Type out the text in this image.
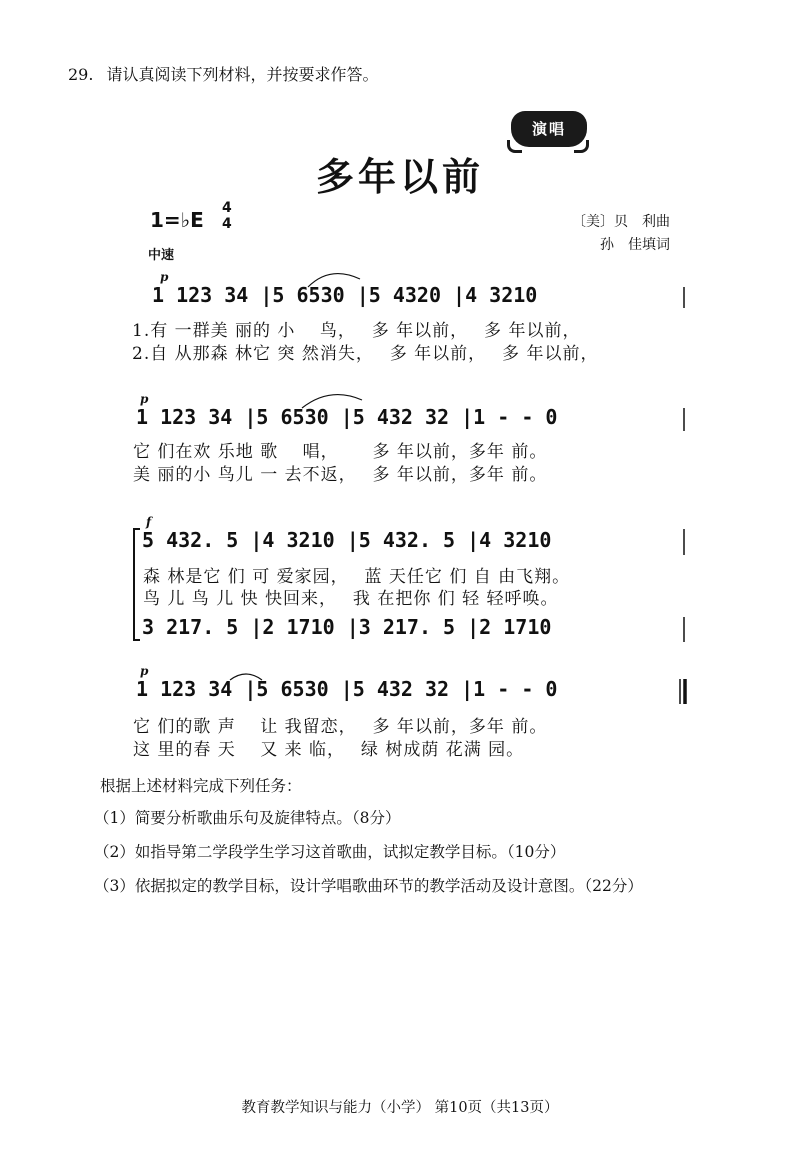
29. 请认真阅读下列材料，并按要求作答。
演唱
多年以前
1=♭E 4
4
中速
〔美〕贝　利曲
孙　佳填词
p
1 123 34 |5 6530 |5 4320 |4 3210
1.有 一群美 丽的 小　 鸟，　 多 年以前，　 多 年以前，
2.自 从那森 林它 突 然消失，　 多 年以前，　 多 年以前，
p
1 123 34 |5 6530 |5 432 32 |1 - - 0
它 们在欢 乐地 歌　 唱，　　 多 年以前，多年 前。
美 丽的小 鸟儿 一 去不返，　 多 年以前，多年 前。
f
5 432. 5 |4 3210 |5 432. 5 |4 3210
森 林是它 们 可 爱家园，　 蓝 天任它 们 自 由飞翔。
鸟 儿 鸟 儿 快 快回来，　 我 在把你 们 轻 轻呼唤。
3 217. 5 |2 1710 |3 217. 5 |2 1710
p
1 123 34 |5 6530 |5 432 32 |1 - - 0
它 们的歌 声　 让 我留恋，　 多 年以前，多年 前。
这 里的春 天　 又 来 临，　 绿 树成荫 花满 园。
根据上述材料完成下列任务：
（1）简要分析歌曲乐句及旋律特点。（8分）
（2）如指导第二学段学生学习这首歌曲，试拟定教学目标。（10分）
（3）依据拟定的教学目标，设计学唱歌曲环节的教学活动及设计意图。（22分）
教育教学知识与能力（小学） 第10页（共13页）
